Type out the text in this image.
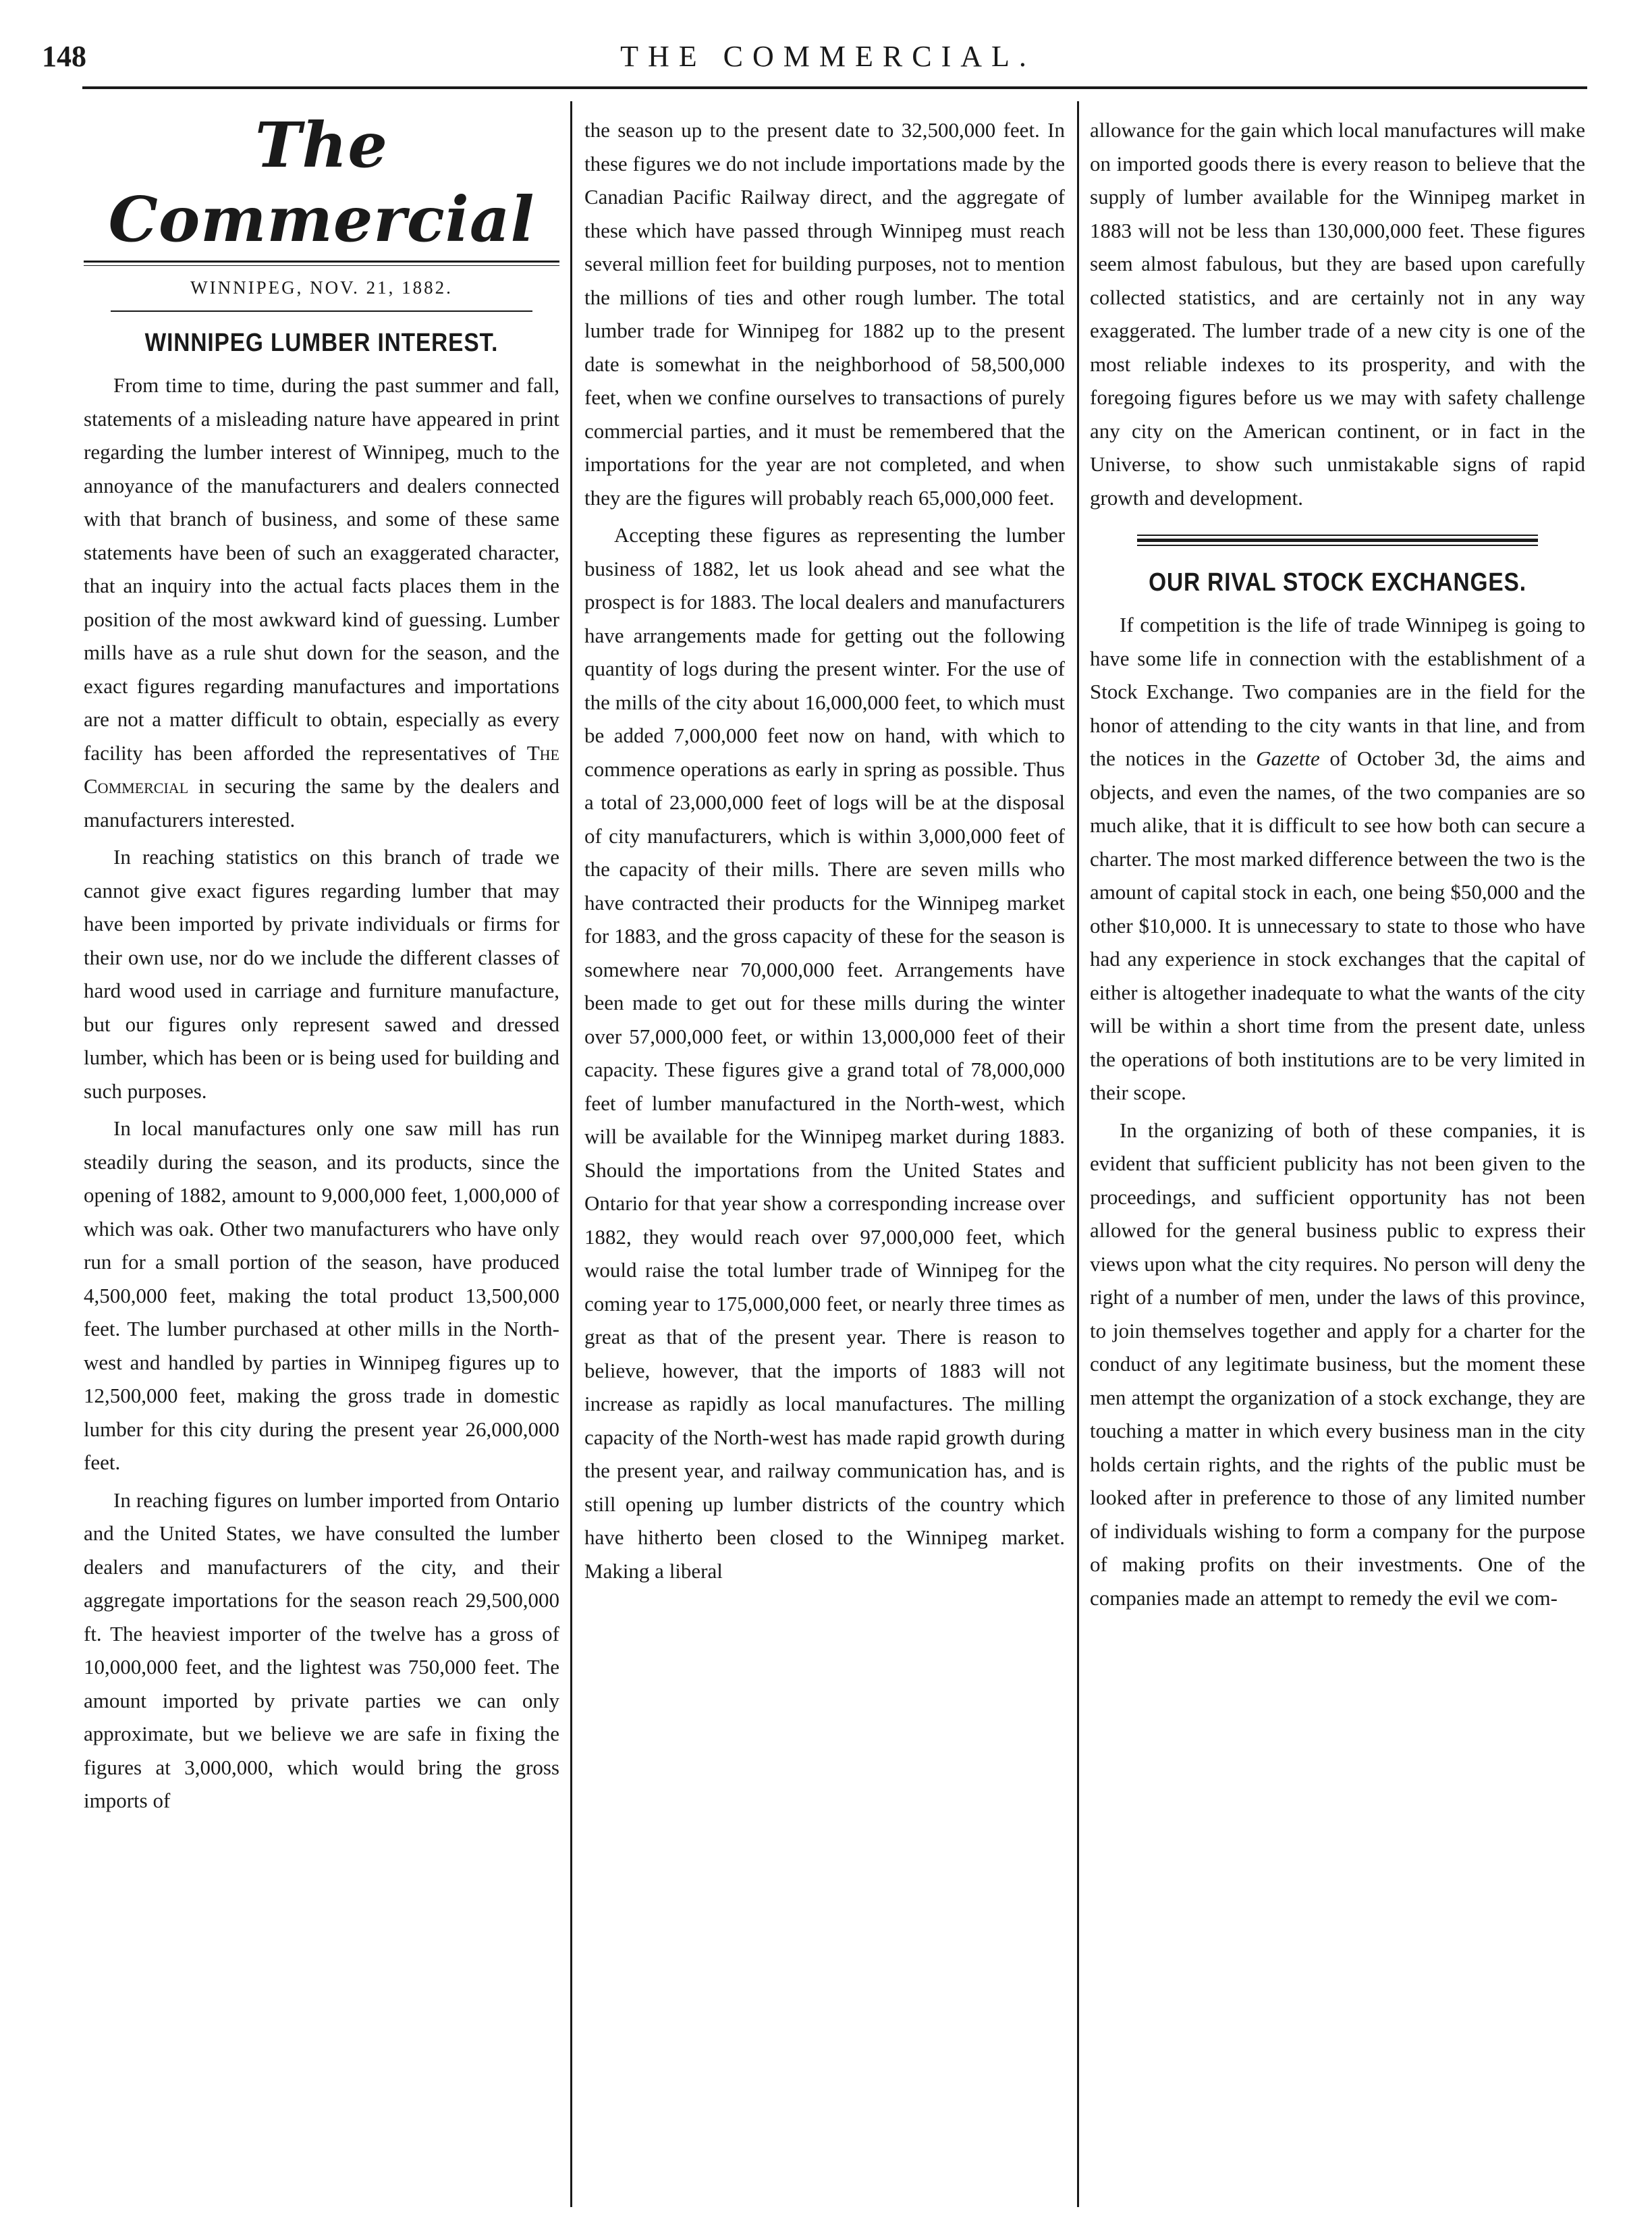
148	THE COMMERCIAL.
The Commercial
WINNIPEG, NOV. 21, 1882.
WINNIPEG LUMBER INTEREST.

From time to time, during the past summer and fall, statements of a misleading nature have appeared in print regarding the lumber interest of Winnipeg, much to the annoyance of the manufacturers and dealers connected with that branch of business, and some of these same statements have been of such an exaggerated character, that an inquiry into the actual facts places them in the position of the most awkward kind of guessing. Lumber mills have as a rule shut down for the season, and the exact figures regarding manufactures and importations are not a matter difficult to obtain, especially as every facility has been afforded the representatives of The Commercial in securing the same by the dealers and manufacturers interested.

In reaching statistics on this branch of trade we cannot give exact figures regarding lumber that may have been imported by private individuals or firms for their own use, nor do we include the different classes of hard wood used in carriage and furniture manufacture, but our figures only represent sawed and dressed lumber, which has been or is being used for building and such purposes.

In local manufactures only one saw mill has run steadily during the season, and its products, since the opening of 1882, amount to 9,000,000 feet, 1,000,000 of which was oak. Other two manufacturers who have only run for a small portion of the season, have produced 4,500,000 feet, making the total product 13,500,000 feet. The lumber purchased at other mills in the North-west and handled by parties in Winnipeg figures up to 12,500,000 feet, making the gross trade in domestic lumber for this city during the present year 26,000,000 feet.

In reaching figures on lumber imported from Ontario and the United States, we have consulted the lumber dealers and manufacturers of the city, and their aggregate importations for the season reach 29,500,000 ft. The heaviest importer of the twelve has a gross of 10,000,000 feet, and the lightest was 750,000 feet. The amount imported by private parties we can only approximate, but we believe we are safe in fixing the figures at 3,000,000, which would bring the gross imports of

the season up to the present date to 32,500,000 feet. In these figures we do not include importations made by the Canadian Pacific Railway direct, and the aggregate of these which have passed through Winnipeg must reach several million feet for building purposes, not to mention the millions of ties and other rough lumber. The total lumber trade for Winnipeg for 1882 up to the present date is somewhat in the neighborhood of 58,500,000 feet, when we confine ourselves to transactions of purely commercial parties, and it must be remembered that the importations for the year are not completed, and when they are the figures will probably reach 65,000,000 feet.

Accepting these figures as representing the lumber business of 1882, let us look ahead and see what the prospect is for 1883. The local dealers and manufacturers have arrangements made for getting out the following quantity of logs during the present winter. For the use of the mills of the city about 16,000,000 feet, to which must be added 7,000,000 feet now on hand, with which to commence operations as early in spring as possible. Thus a total of 23,000,000 feet of logs will be at the disposal of city manufacturers, which is within 3,000,000 feet of the capacity of their mills. There are seven mills who have contracted their products for the Winnipeg market for 1883, and the gross capacity of these for the season is somewhere near 70,000,000 feet. Arrangements have been made to get out for these mills during the winter over 57,000,000 feet, or within 13,000,000 feet of their capacity. These figures give a grand total of 78,000,000 feet of lumber manufactured in the North-west, which will be available for the Winnipeg market during 1883. Should the importations from the United States and Ontario for that year show a corresponding increase over 1882, they would reach over 97,000,000 feet, which would raise the total lumber trade of Winnipeg for the coming year to 175,000,000 feet, or nearly three times as great as that of the present year. There is reason to believe, however, that the imports of 1883 will not increase as rapidly as local manufactures. The milling capacity of the North-west has made rapid growth during the present year, and railway communication has, and is still opening up lumber districts of the country which have hitherto been closed to the Winnipeg market. Making a liberal

allowance for the gain which local manufactures will make on imported goods there is every reason to believe that the supply of lumber available for the Winnipeg market in 1883 will not be less than 130,000,000 feet. These figures seem almost fabulous, but they are based upon carefully collected statistics, and are certainly not in any way exaggerated. The lumber trade of a new city is one of the most reliable indexes to its prosperity, and with the foregoing figures before us we may with safety challenge any city on the American continent, or in fact in the Universe, to show such unmistakable signs of rapid growth and development.

OUR RIVAL STOCK EXCHANGES.

If competition is the life of trade Winnipeg is going to have some life in connection with the establishment of a Stock Exchange. Two companies are in the field for the honor of attending to the city wants in that line, and from the notices in the Gazette of October 3d, the aims and objects, and even the names, of the two companies are so much alike, that it is difficult to see how both can secure a charter. The most marked difference between the two is the amount of capital stock in each, one being $50,000 and the other $10,000. It is unnecessary to state to those who have had any experience in stock exchanges that the capital of either is altogether inadequate to what the wants of the city will be within a short time from the present date, unless the operations of both institutions are to be very limited in their scope.

In the organizing of both of these companies, it is evident that sufficient publicity has not been given to the proceedings, and sufficient opportunity has not been allowed for the general business public to express their views upon what the city requires. No person will deny the right of a number of men, under the laws of this province, to join themselves together and apply for a charter for the conduct of any legitimate business, but the moment these men attempt the organization of a stock exchange, they are touching a matter in which every business man in the city holds certain rights, and the rights of the public must be looked after in preference to those of any limited number of individuals wishing to form a company for the purpose of making profits on their investments. One of the companies made an attempt to remedy the evil we com-
